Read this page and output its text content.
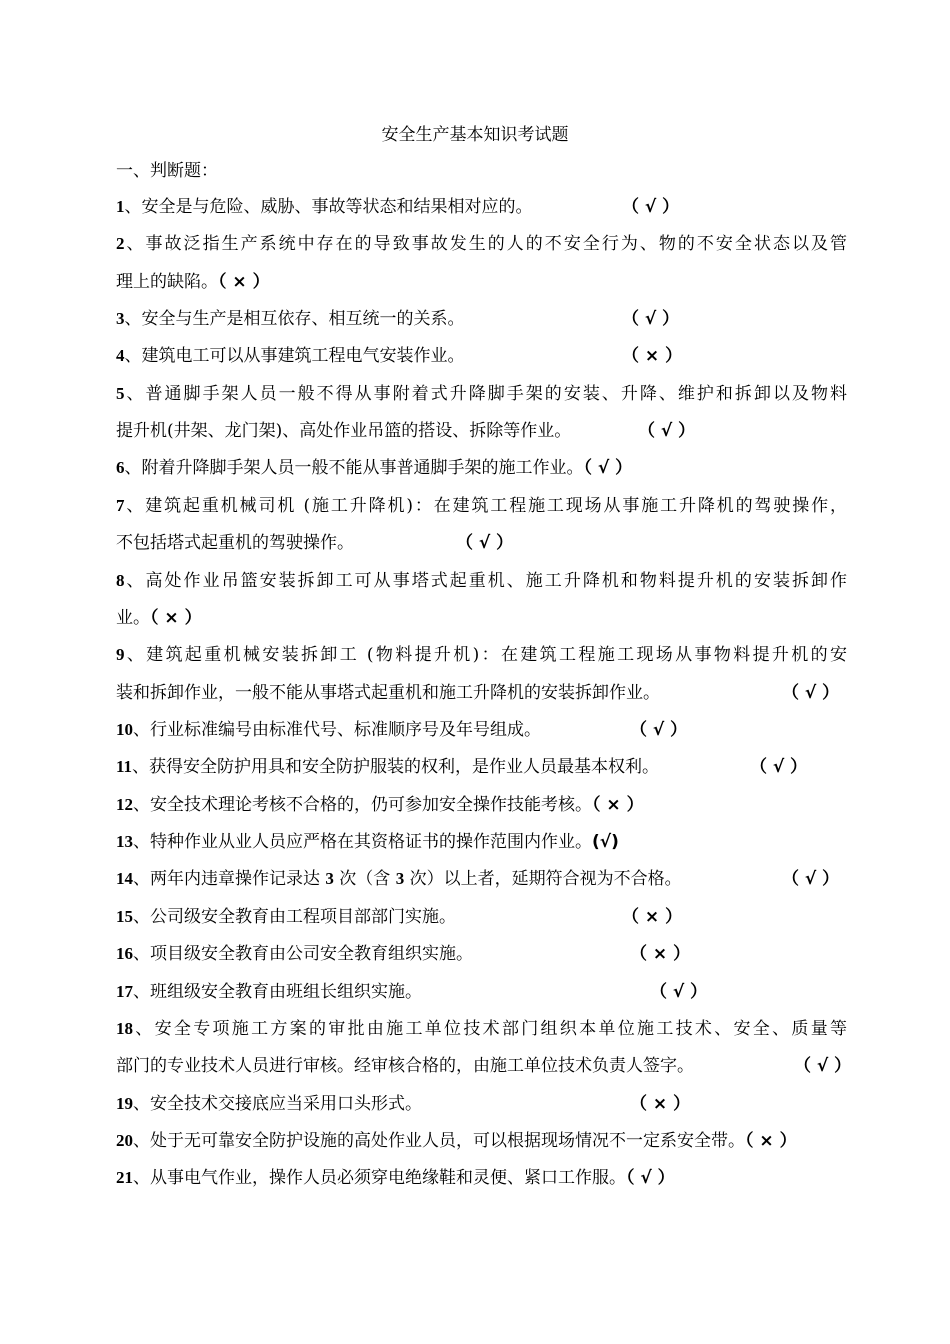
安全生产基本知识考试题
一、判断题：
1、安全是与危险、威胁、事故等状态和结果相对应的。	（ √ ）
2、事故泛指生产系统中存在的导致事故发生的人的不安全行为、物的不安全状态以及管
理上的缺陷。（ × ）
3、安全与生产是相互依存、相互统一的关系。	（ √ ）
4、建筑电工可以从事建筑工程电气安装作业。	（ × ）
5、普通脚手架人员一般不得从事附着式升降脚手架的安装、升降、维护和拆卸以及物料
提升机(井架、龙门架)、高处作业吊篮的搭设、拆除等作业。	（ √ ）
6、附着升降脚手架人员一般不能从事普通脚手架的施工作业。（ √ ）
7、建筑起重机械司机 (施工升降机)：在建筑工程施工现场从事施工升降机的驾驶操作，
不包括塔式起重机的驾驶操作。	（ √ ）
8、高处作业吊篮安装拆卸工可从事塔式起重机、施工升降机和物料提升机的安装拆卸作
业。（ × ）
9、建筑起重机械安装拆卸工 (物料提升机)：在建筑工程施工现场从事物料提升机的安
装和拆卸作业，一般不能从事塔式起重机和施工升降机的安装拆卸作业。	（ √ ）
10、行业标准编号由标准代号、标准顺序号及年号组成。	（ √ ）
11、获得安全防护用具和安全防护服装的权利，是作业人员最基本权利。	（ √ ）
12、安全技术理论考核不合格的，仍可参加安全操作技能考核。（ × ）
13、特种作业从业人员应严格在其资格证书的操作范围内作业。(√)
14、两年内违章操作记录达 3 次（含 3 次）以上者，延期符合视为不合格。	（ √ ）
15、公司级安全教育由工程项目部部门实施。	（ × ）
16、项目级安全教育由公司安全教育组织实施。	（ × ）
17、班组级安全教育由班组长组织实施。	（ √ ）
18、安全专项施工方案的审批由施工单位技术部门组织本单位施工技术、安全、质量等
部门的专业技术人员进行审核。经审核合格的，由施工单位技术负责人签字。	（ √ ）
19、安全技术交接底应当采用口头形式。	（ × ）
20、处于无可靠安全防护设施的高处作业人员，可以根据现场情况不一定系安全带。（ × ）
21、从事电气作业，操作人员必须穿电绝缘鞋和灵便、紧口工作服。（ √ ）
